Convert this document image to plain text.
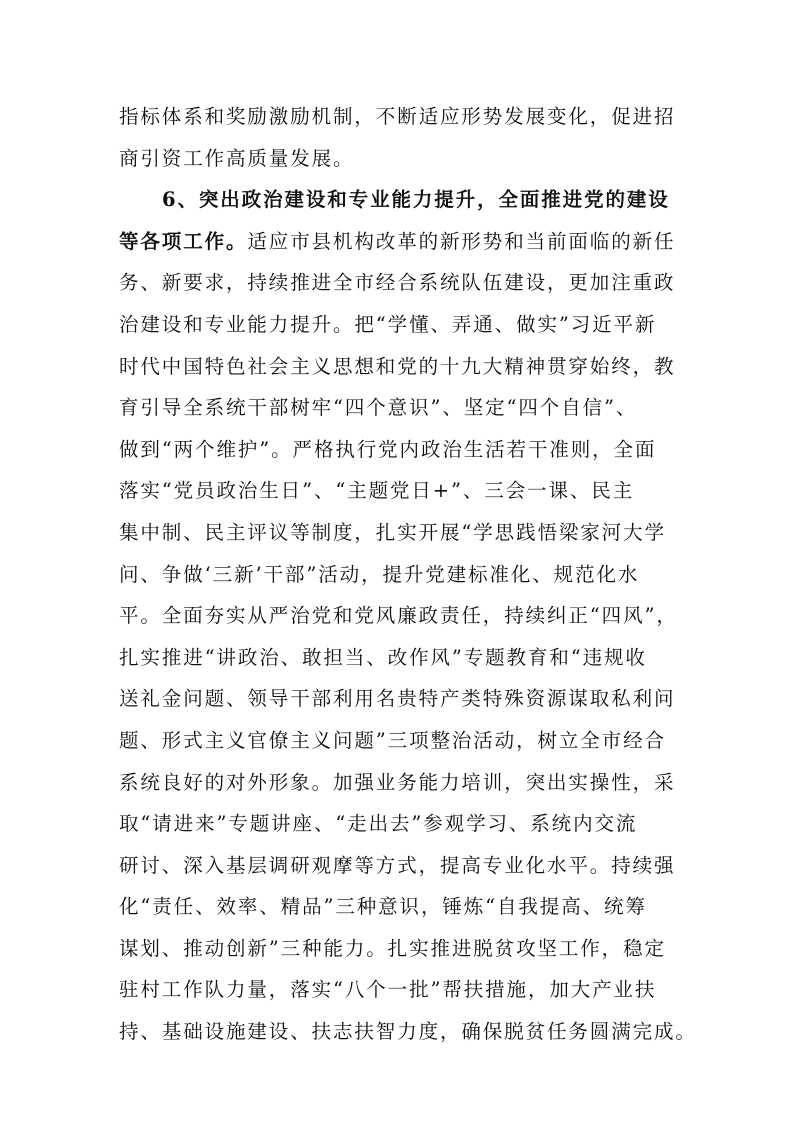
指标体系和奖励激励机制，不断适应形势发展变化，促进招
商引资工作高质量发展。
6、突出政治建设和专业能力提升，全面推进党的建设
等各项工作。适应市县机构改革的新形势和当前面临的新任
务、新要求，持续推进全市经合系统队伍建设，更加注重政
治建设和专业能力提升。把“学懂、弄通、做实”习近平新
时代中国特色社会主义思想和党的十九大精神贯穿始终，教
育引导全系统干部树牢“四个意识”、坚定“四个自信”、
做到“两个维护”。严格执行党内政治生活若干准则，全面
落实“党员政治生日”、“主题党日+”、三会一课、民主
集中制、民主评议等制度，扎实开展“学思践悟梁家河大学
问、争做‘三新’干部”活动，提升党建标准化、规范化水
平。全面夯实从严治党和党风廉政责任，持续纠正“四风”，
扎实推进“讲政治、敢担当、改作风”专题教育和“违规收
送礼金问题、领导干部利用名贵特产类特殊资源谋取私利问
题、形式主义官僚主义问题”三项整治活动，树立全市经合
系统良好的对外形象。加强业务能力培训，突出实操性，采
取“请进来”专题讲座、“走出去”参观学习、系统内交流
研讨、深入基层调研观摩等方式，提高专业化水平。持续强
化“责任、效率、精品”三种意识，锤炼“自我提高、统筹
谋划、推动创新”三种能力。扎实推进脱贫攻坚工作，稳定
驻村工作队力量，落实“八个一批”帮扶措施，加大产业扶
持、基础设施建设、扶志扶智力度，确保脱贫任务圆满完成。
